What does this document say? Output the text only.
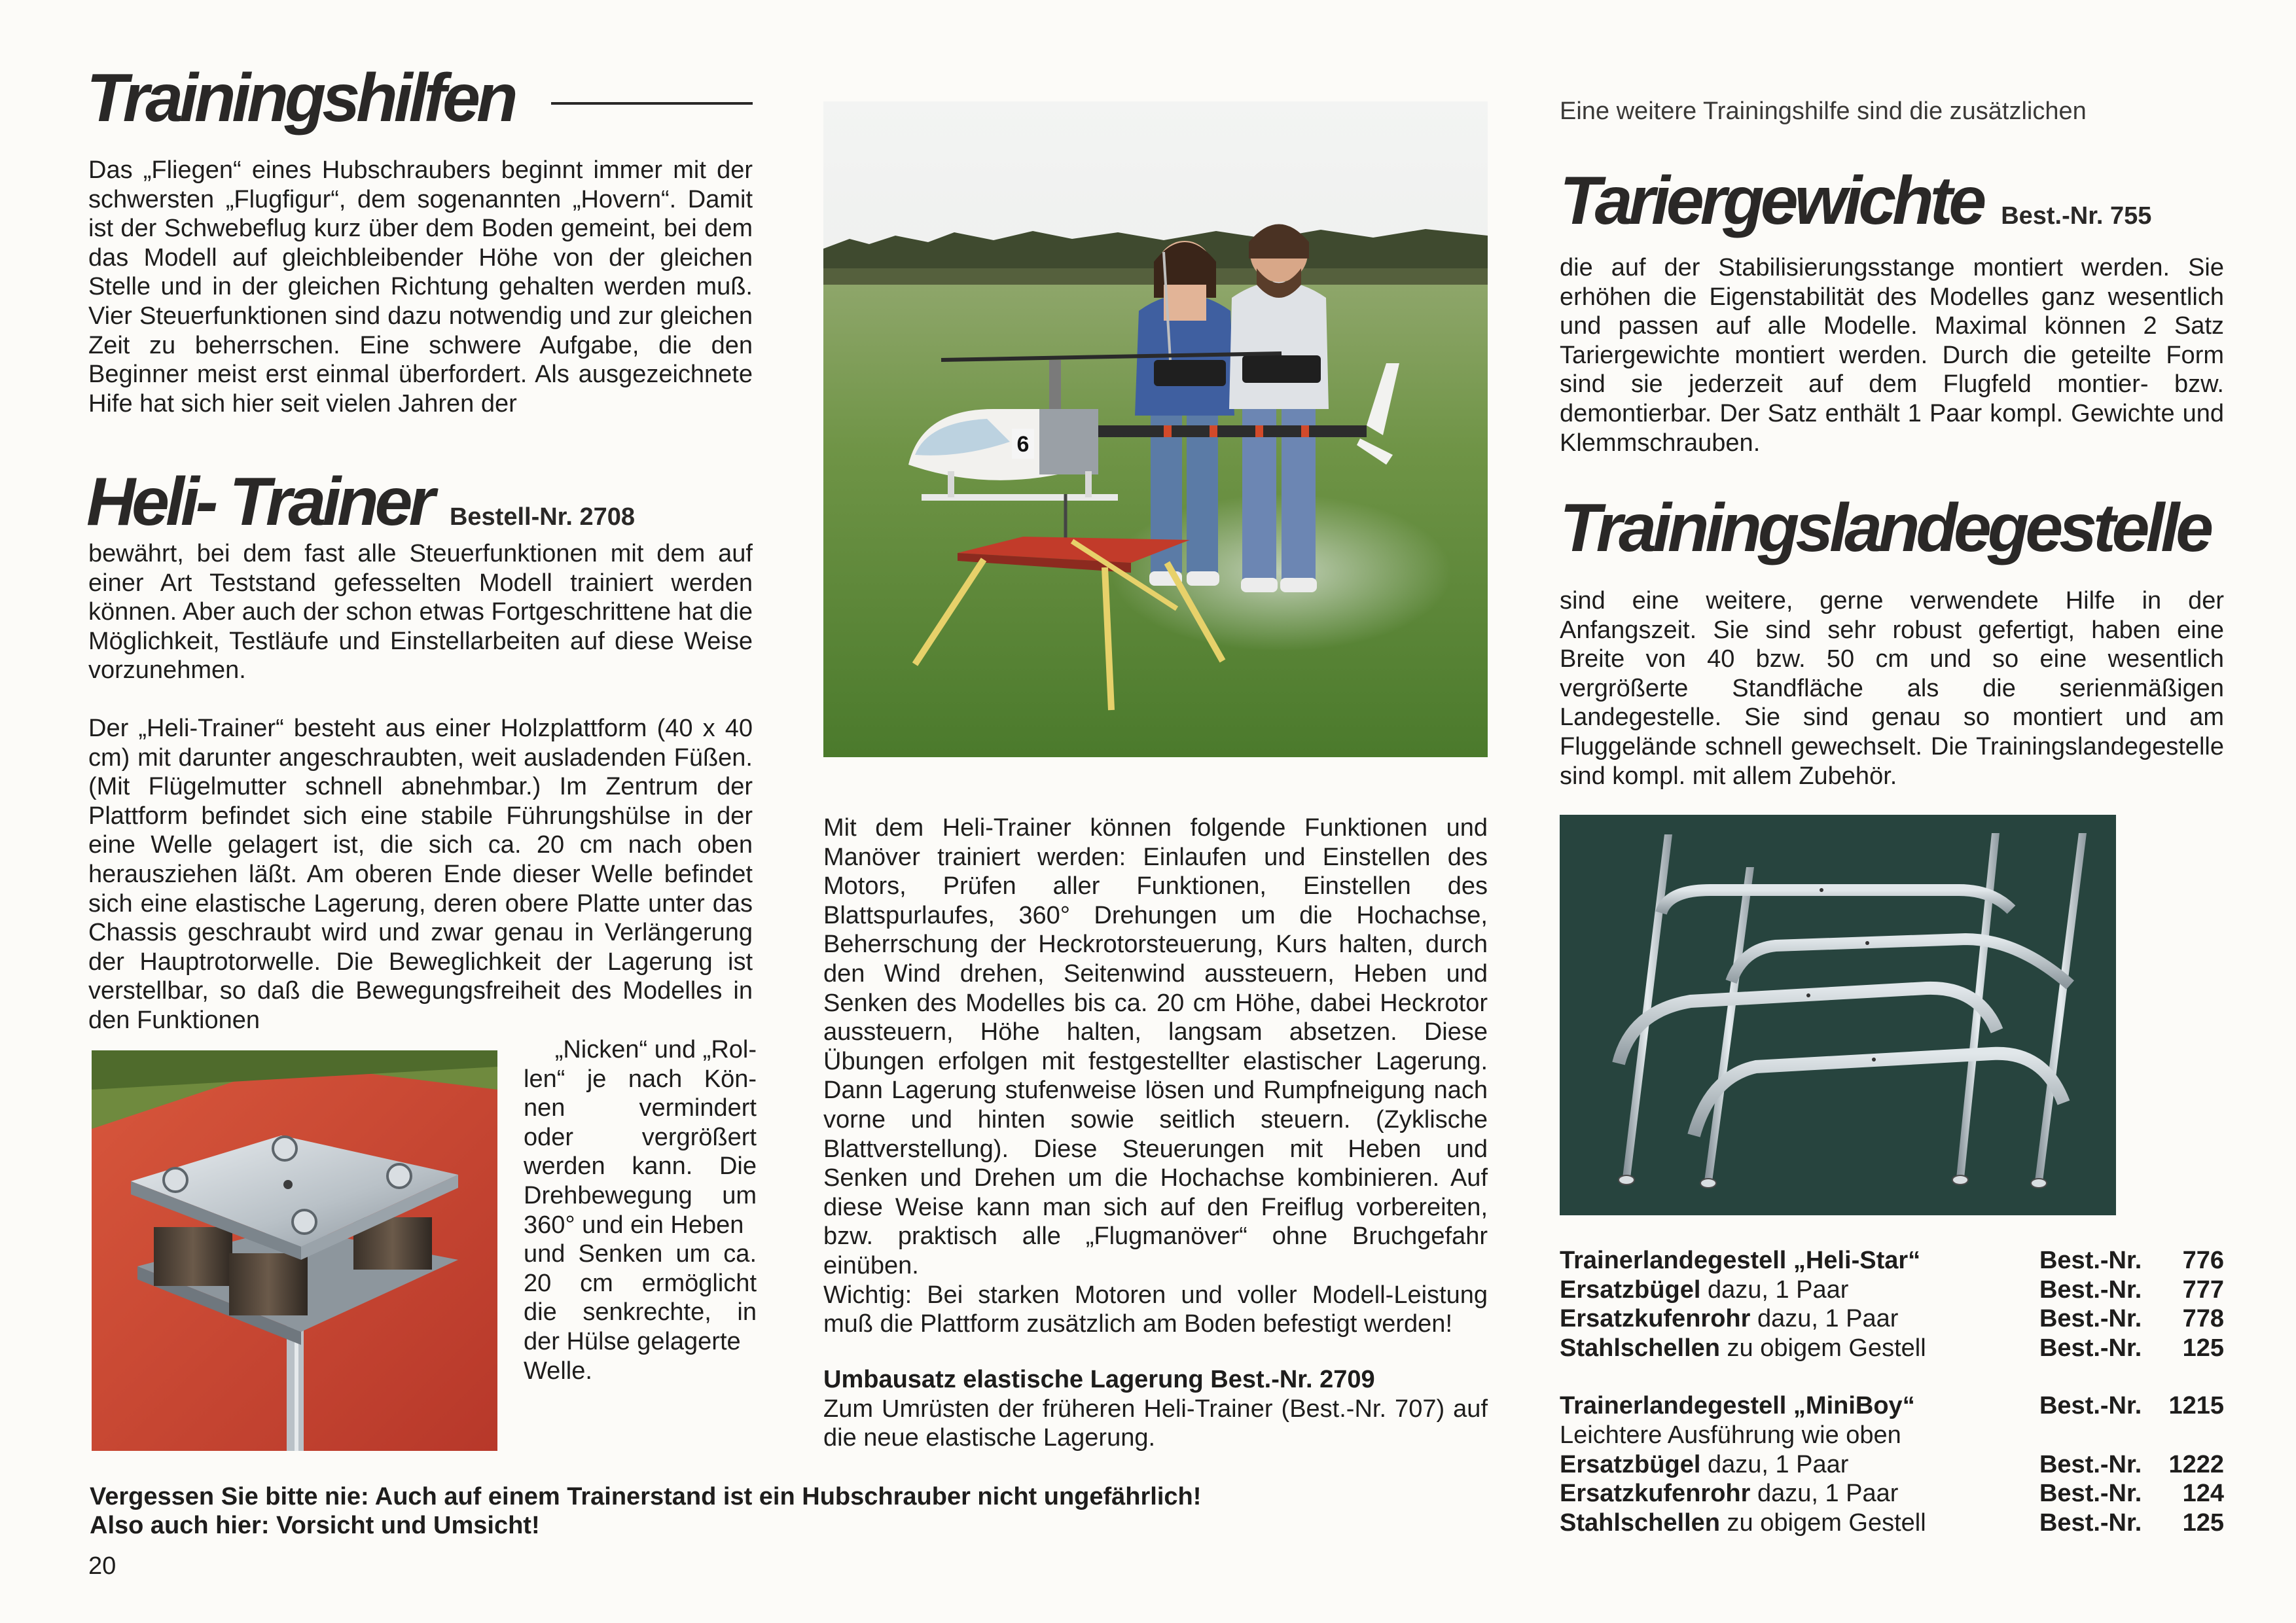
Trainingshilfen

Das „Fliegen“ eines Hubschraubers beginnt immer mit der schwersten „Flugfigur“, dem sogenannten „Hovern“. Damit ist der Schwebeflug kurz über dem Boden gemeint, bei dem das Modell auf gleichbleibender Höhe von der gleichen Stelle und in der gleichen Richtung gehalten werden muß. Vier Steuerfunktionen sind dazu notwendig und zur gleichen Zeit zu beherrschen. Eine schwere Aufgabe, die den Beginner meist erst einmal überfordert. Als ausgezeichnete Hife hat sich hier seit vielen Jahren der

Heli- Trainer Bestell-Nr. 2708

bewährt, bei dem fast alle Steuerfunktionen mit dem auf einer Art Teststand gefesselten Modell trainiert werden können. Aber auch der schon etwas Fortgeschrittene hat die Möglichkeit, Testläufe und Einstellarbeiten auf diese Weise vorzunehmen.

Der „Heli-Trainer“ besteht aus einer Holzplattform (40 x 40 cm) mit darunter angeschraubten, weit ausladenden Füßen. (Mit Flügelmutter schnell abnehmbar.) Im Zentrum der Plattform befindet sich eine stabile Führungshülse in der eine Welle gelagert ist, die sich ca. 20 cm nach oben herausziehen läßt. Am oberen Ende dieser Welle befindet sich eine elastische Lagerung, deren obere Platte unter das Chassis geschraubt wird und zwar genau in Verlängerung der Hauptrotorwelle. Die Beweglichkeit der Lagerung ist verstellbar, so daß die Bewegungsfreiheit des Modelles in den Funktionen

„Nicken“ und „Rol-
len“ je nach Kön-
nen vermindert
oder vergrößert
werden kann. Die
Drehbewegung um
360° und ein Heben
und Senken um ca.
20 cm ermöglicht
die senkrechte, in
der Hülse gelagerte
Welle.
6

Mit dem Heli-Trainer können folgende Funktionen und Manöver trainiert werden: Einlaufen und Einstellen des Motors, Prüfen aller Funktionen, Einstellen des Blattspurlaufes, 360° Drehungen um die Hochachse, Beherrschung der Heckrotorsteuerung, Kurs halten, durch den Wind drehen, Seitenwind aussteuern, Heben und Senken des Modelles bis ca. 20 cm Höhe, dabei Heckrotor aussteuern, Höhe halten, langsam absetzen. Diese Übungen erfolgen mit festgestellter elastischer Lagerung. Dann Lagerung stufenweise lösen und Rumpfneigung nach vorne und hinten sowie seitlich steuern. (Zyklische Blattverstellung). Diese Steuerungen mit Heben und Senken und Drehen um die Hochachse kombinieren. Auf diese Weise kann man sich auf den Freiflug vorbereiten, bzw. praktisch alle „Flugmanöver“ ohne Bruchgefahr einüben.

Wichtig: Bei starken Motoren und voller Modell-Leistung muß die Plattform zusätzlich am Boden befestigt werden!

Umbausatz elastische Lagerung Best.-Nr. 2709

Zum Umrüsten der früheren Heli-Trainer (Best.-Nr. 707) auf die neue elastische Lagerung.

Eine weitere Trainingshilfe sind die zusätzlichen
Tariergewichte Best.-Nr. 755

die auf der Stabilisierungsstange montiert werden. Sie erhöhen die Eigenstabilität des Modelles ganz wesentlich und passen auf alle Modelle. Maximal können 2 Satz Tariergewichte montiert werden. Durch die geteilte Form sind sie jederzeit auf dem Flugfeld montier- bzw. demontierbar. Der Satz enthält 1 Paar kompl. Gewichte und Klemmschrauben.

Trainingslandegestelle

sind eine weitere, gerne verwendete Hilfe in der Anfangszeit. Sie sind sehr robust gefertigt, haben eine Breite von 40 bzw. 50 cm und so eine wesentlich vergrößerte Standfläche als die serienmäßigen Landegestelle. Sie sind genau so montiert und am Fluggelände schnell gewechselt. Die Trainingslandegestelle sind kompl. mit allem Zubehör.

Trainerlandegestell „Heli-Star“	Best.-Nr.	776
Ersatzbügel dazu, 1 Paar	Best.-Nr.	777
Ersatzkufenrohr dazu, 1 Paar	Best.-Nr.	778
Stahlschellen zu obigem Gestell	Best.-Nr.	125

Trainerlandegestell „MiniBoy“	Best.-Nr.	1215
Leichtere Ausführung wie oben		
Ersatzbügel dazu, 1 Paar	Best.-Nr.	1222
Ersatzkufenrohr dazu, 1 Paar	Best.-Nr.	124
Stahlschellen zu obigem Gestell	Best.-Nr.	125
Vergessen Sie bitte nie: Auch auf einem Trainerstand ist ein Hubschrauber nicht ungefährlich!
Also auch hier: Vorsicht und Umsicht!
20
